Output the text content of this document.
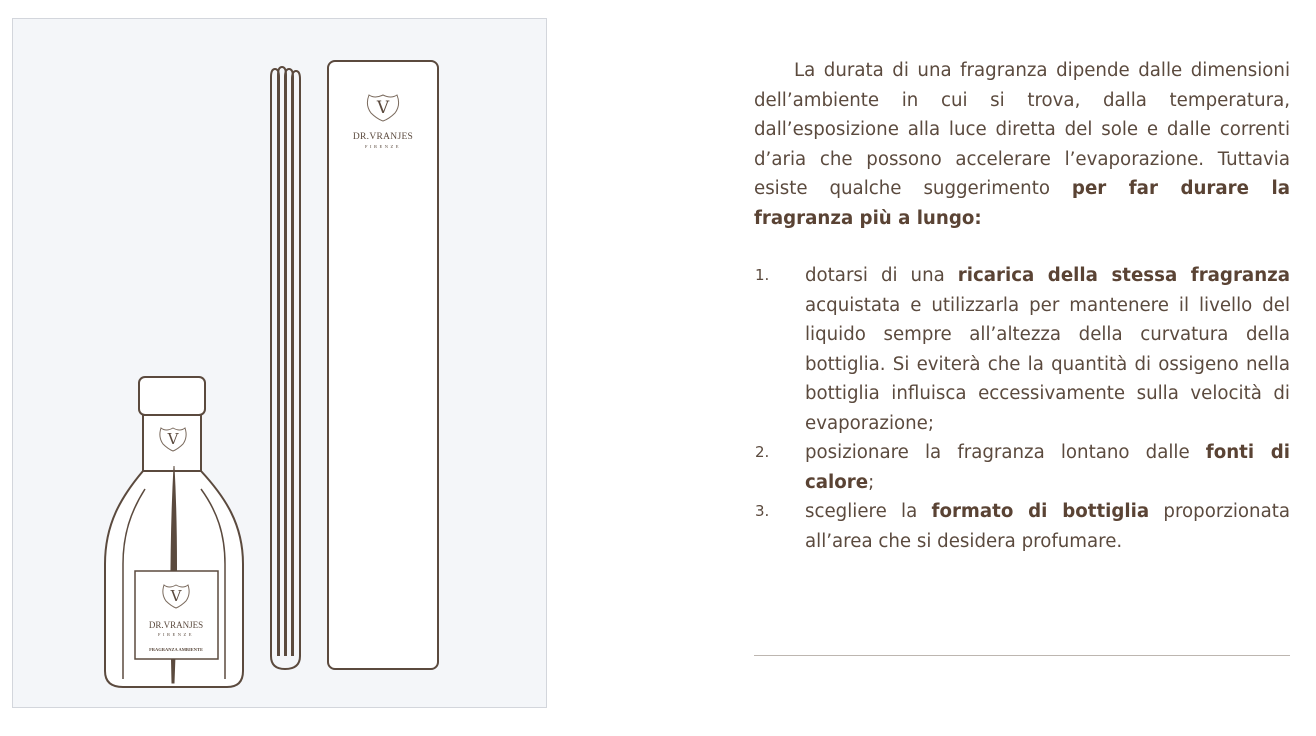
V
DR.VRANJES
FIRENZE
V
V
DR.VRANJES
FIRENZE
FRAGRANZA AMBIENTE

La durata di una fragranza dipende dalle dimensioni dell’ambiente in cui si trova, dalla temperatura, dall’esposizione alla luce diretta del sole e dalle correnti d’aria che possono accelerare l’evaporazione. Tuttavia esiste qualche suggerimento per far durare la fragranza più a lungo:

1. dotarsi di una ricarica della stessa fragranza acquistata e utilizzarla per mantenere il livello del liquido sempre all’altezza della curvatura della bottiglia. Si eviterà che la quantità di ossigeno nella bottiglia influisca eccessivamente sulla velocità di evaporazione;
2. posizionare la fragranza lontano dalle fonti di calore;
3. scegliere la formato di bottiglia proporzionata all’area che si desidera profumare.
